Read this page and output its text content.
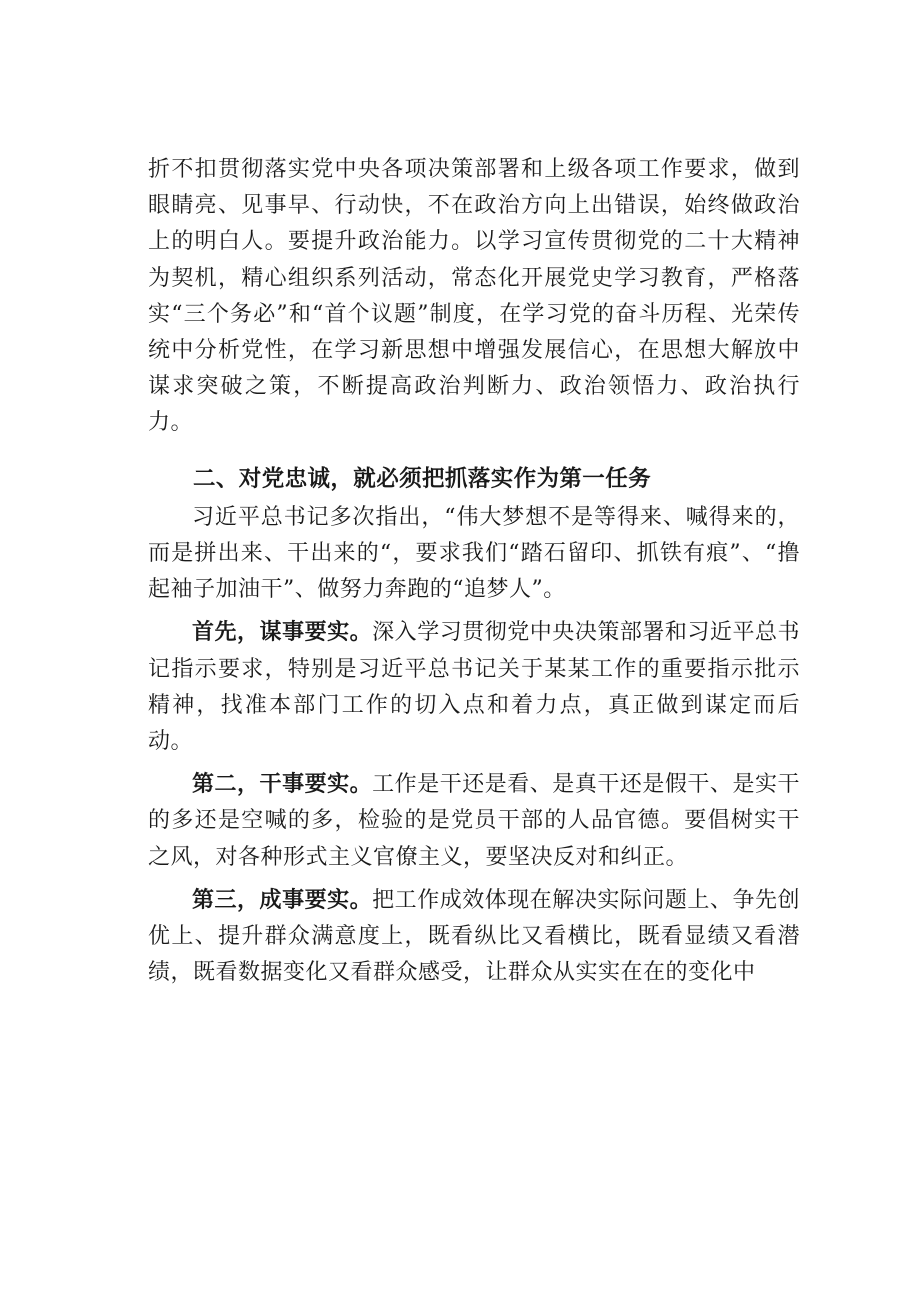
折不扣贯彻落实党中央各项决策部署和上级各项工作要求，做到眼睛亮、见事早、行动快，不在政治方向上出错误，始终做政治上的明白人。要提升政治能力。以学习宣传贯彻党的二十大精神为契机，精心组织系列活动，常态化开展党史学习教育，严格落实“三个务必”和“首个议题”制度，在学习党的奋斗历程、光荣传统中分析党性，在学习新思想中增强发展信心，在思想大解放中谋求突破之策，不断提高政治判断力、政治领悟力、政治执行力。

二、对党忠诚，就必须把抓落实作为第一任务

习近平总书记多次指出，“伟大梦想不是等得来、喊得来的，而是拼出来、干出来的“，要求我们“踏石留印、抓铁有痕”、“撸起袖子加油干”、做努力奔跑的“追梦人”。

首先，谋事要实。深入学习贯彻党中央决策部署和习近平总书记指示要求，特别是习近平总书记关于某某工作的重要指示批示精神，找准本部门工作的切入点和着力点，真正做到谋定而后动。

第二，干事要实。工作是干还是看、是真干还是假干、是实干的多还是空喊的多，检验的是党员干部的人品官德。要倡树实干之风，对各种形式主义官僚主义，要坚决反对和纠正。

第三，成事要实。把工作成效体现在解决实际问题上、争先创优上、提升群众满意度上，既看纵比又看横比，既看显绩又看潜绩，既看数据变化又看群众感受，让群众从实实在在的变化中
